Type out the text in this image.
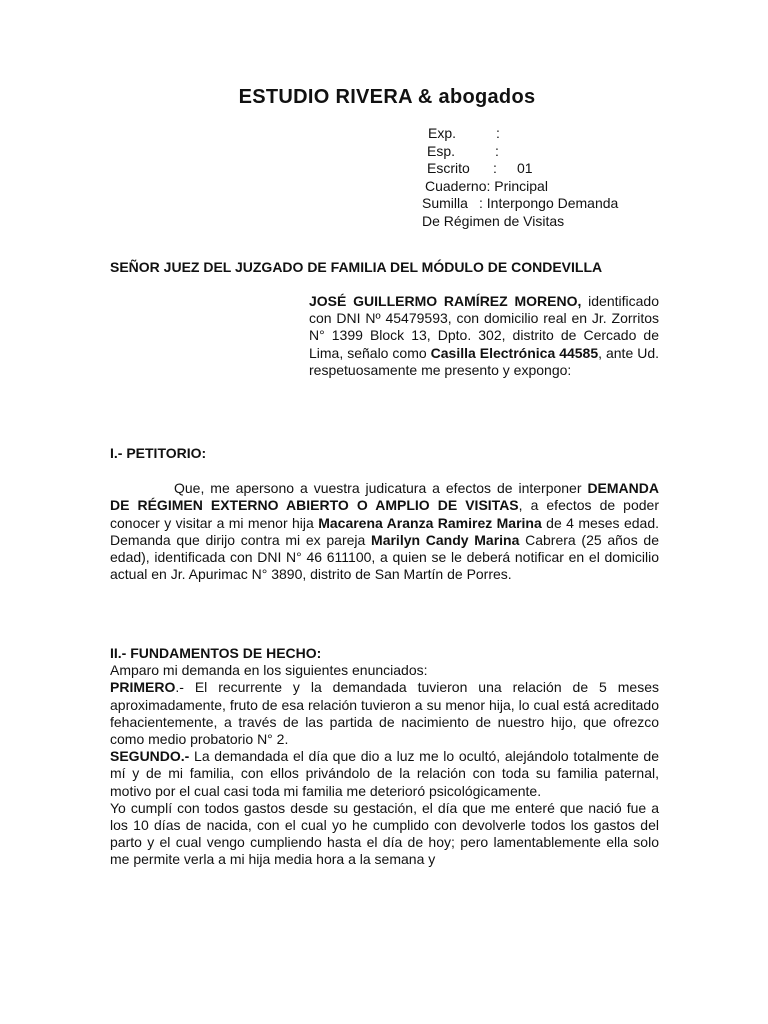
ESTUDIO RIVERA & abogados
Exp.	:
Esp.	:
Escrito	:	01
Cuaderno: Principal
Sumilla : Interpongo Demanda
De Régimen de Visitas
SEÑOR JUEZ DEL JUZGADO DE FAMILIA DEL MÓDULO DE CONDEVILLA
JOSÉ GUILLERMO RAMÍREZ MORENO, identificado con DNI Nº 45479593, con domicilio real en Jr. Zorritos N° 1399 Block 13, Dpto. 302, distrito de Cercado de Lima, señalo como Casilla Electrónica 44585, ante Ud. respetuosamente me presento y expongo:

I.- PETITORIO:

Que, me apersono a vuestra judicatura a efectos de interponer DEMANDA DE RÉGIMEN EXTERNO ABIERTO O AMPLIO DE VISITAS, a efectos de poder conocer y visitar a mi menor hija Macarena Aranza Ramirez Marina de 4 meses edad. Demanda que dirijo contra mi ex pareja Marilyn Candy Marina Cabrera (25 años de edad), identificada con DNI N° 46 611100, a quien se le deberá notificar en el domicilio actual en Jr. Apurimac N° 3890, distrito de San Martín de Porres.

II.- FUNDAMENTOS DE HECHO:

Amparo mi demanda en los siguientes enunciados:

PRIMERO.- El recurrente y la demandada tuvieron una relación de 5 meses aproximadamente, fruto de esa relación tuvieron a su menor hija, lo cual está acreditado fehacientemente, a través de las partida de nacimiento de nuestro hijo, que ofrezco como medio probatorio N° 2.

SEGUNDO.- La demandada el día que dio a luz me lo ocultó, alejándolo totalmente de mí y de mi familia, con ellos privándolo de la relación con toda su familia paternal, motivo por el cual casi toda mi familia me deterioró psicológicamente.

Yo cumplí con todos gastos desde su gestación, el día que me enteré que nació fue a los 10 días de nacida, con el cual yo he cumplido con devolverle todos los gastos del parto y el cual vengo cumpliendo hasta el día de hoy; pero lamentablemente ella solo me permite verla a mi hija media hora a la semana y
